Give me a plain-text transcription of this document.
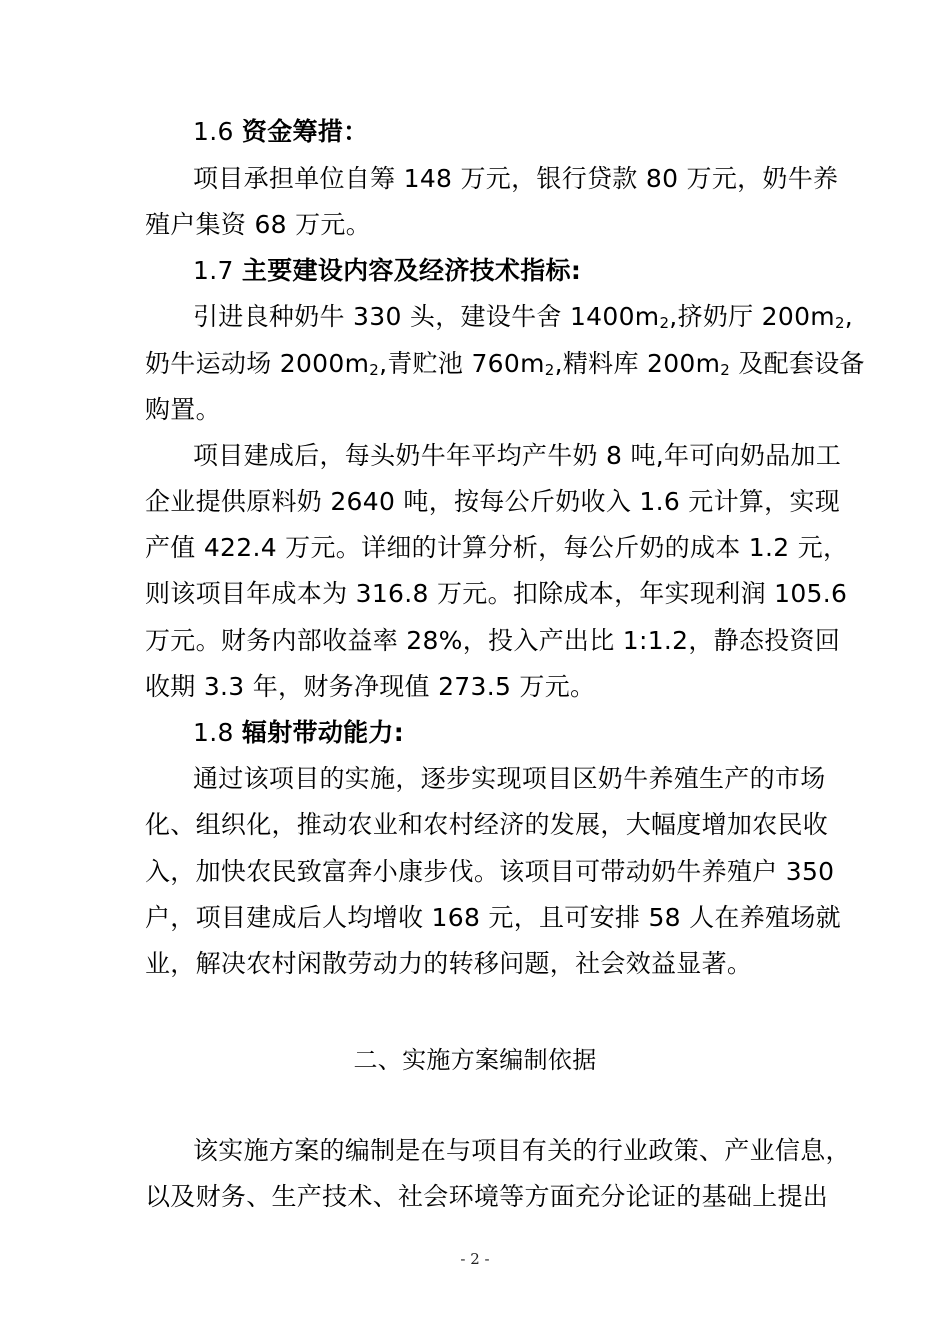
1.6 资金筹措：
项目承担单位自筹 148 万元，银行贷款 80 万元，奶牛养
殖户集资 68 万元。
1.7 主要建设内容及经济技术指标:
引进良种奶牛 330 头，建设牛舍 $1400m_2$,挤奶厅 $200m_2$,
奶牛运动场 $2000m_2$,青贮池 $760m_2$,精料库 $200m_2$ 及配套设备
购置。
项目建成后，每头奶牛年平均产牛奶 8 吨,年可向奶品加工
企业提供原料奶 2640 吨，按每公斤奶收入 1.6 元计算，实现
产值 422.4 万元。详细的计算分析，每公斤奶的成本 1.2 元，
则该项目年成本为 316.8 万元。扣除成本，年实现利润 105.6
万元。财务内部收益率 28%，投入产出比 1:1.2，静态投资回
收期 3.3 年，财务净现值 273.5 万元。
1.8 辐射带动能力:
通过该项目的实施，逐步实现项目区奶牛养殖生产的市场
化、组织化，推动农业和农村经济的发展，大幅度增加农民收
入，加快农民致富奔小康步伐。该项目可带动奶牛养殖户 350
户，项目建成后人均增收 168 元，且可安排 58 人在养殖场就
业，解决农村闲散劳动力的转移问题，社会效益显著。
二、实施方案编制依据
该实施方案的编制是在与项目有关的行业政策、产业信息，
以及财务、生产技术、社会环境等方面充分论证的基础上提出
- 2 -
